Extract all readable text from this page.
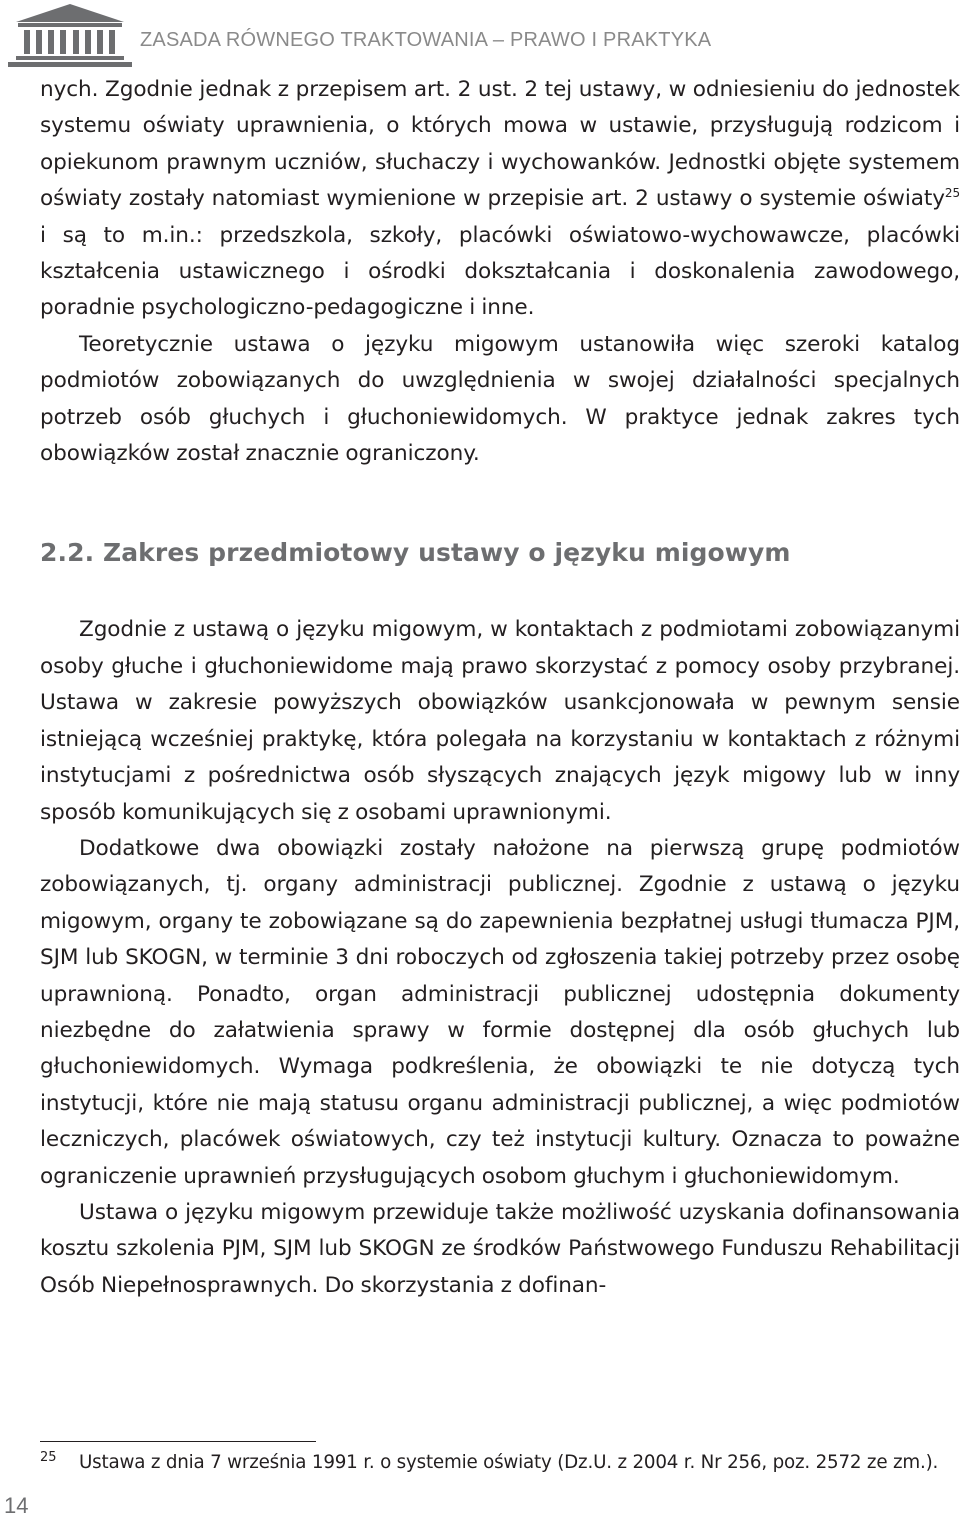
ZASADA RÓWNEGO TRAKTOWANIA – PRAWO I PRAKTYKA

nych. Zgodnie jednak z przepisem art. 2 ust. 2 tej ustawy, w odniesieniu do jednostek systemu oświaty uprawnienia, o których mowa w ustawie, przysługują rodzicom i opiekunom prawnym uczniów, słuchaczy i wychowanków. Jednostki objęte systemem oświaty zostały natomiast wymienione w przepisie art. 2 ustawy o systemie oświaty$^{25}$ i są to m.in.: przedszkola, szkoły, placówki oświatowo-wychowawcze, placówki kształcenia ustawicznego i ośrodki dokształcania i doskonalenia zawodowego, poradnie psychologiczno-pedagogiczne i inne.

Teoretycznie ustawa o języku migowym ustanowiła więc szeroki katalog podmiotów zobowiązanych do uwzględnienia w swojej działalności specjalnych potrzeb osób głuchych i głuchoniewidomych. W praktyce jednak zakres tych obowiązków został znacznie ograniczony.

2.2. Zakres przedmiotowy ustawy o języku migowym

Zgodnie z ustawą o języku migowym, w kontaktach z podmiotami zobowiązanymi osoby głuche i głuchoniewidome mają prawo skorzystać z pomocy osoby przybranej. Ustawa w zakresie powyższych obowiązków usankcjonowała w pewnym sensie istniejącą wcześniej praktykę, która polegała na korzystaniu w kontaktach z różnymi instytucjami z pośrednictwa osób słyszących znających język migowy lub w inny sposób komunikujących się z osobami uprawnionymi.

Dodatkowe dwa obowiązki zostały nałożone na pierwszą grupę podmiotów zobowiązanych, tj. organy administracji publicznej. Zgodnie z ustawą o języku migowym, organy te zobowiązane są do zapewnienia bezpłatnej usługi tłumacza PJM, SJM lub SKOGN, w terminie 3 dni roboczych od zgłoszenia takiej potrzeby przez osobę uprawnioną. Ponadto, organ administracji publicznej udostępnia dokumenty niezbędne do załatwienia sprawy w formie dostępnej dla osób głuchych lub głuchoniewidomych. Wymaga podkreślenia, że obowiązki te nie dotyczą tych instytucji, które nie mają statusu organu administracji publicznej, a więc podmiotów leczniczych, placówek oświatowych, czy też instytucji kultury. Oznacza to poważne ograniczenie uprawnień przysługujących osobom głuchym i głuchoniewidomym.

Ustawa o języku migowym przewiduje także możliwość uzyskania dofinansowania kosztu szkolenia PJM, SJM lub SKOGN ze środków Państwowego Funduszu Rehabilitacji Osób Niepełnosprawnych. Do skorzystania z dofinan-

25 Ustawa z dnia 7 września 1991 r. o systemie oświaty (Dz.U. z 2004 r. Nr 256, poz. 2572 ze zm.).
14
